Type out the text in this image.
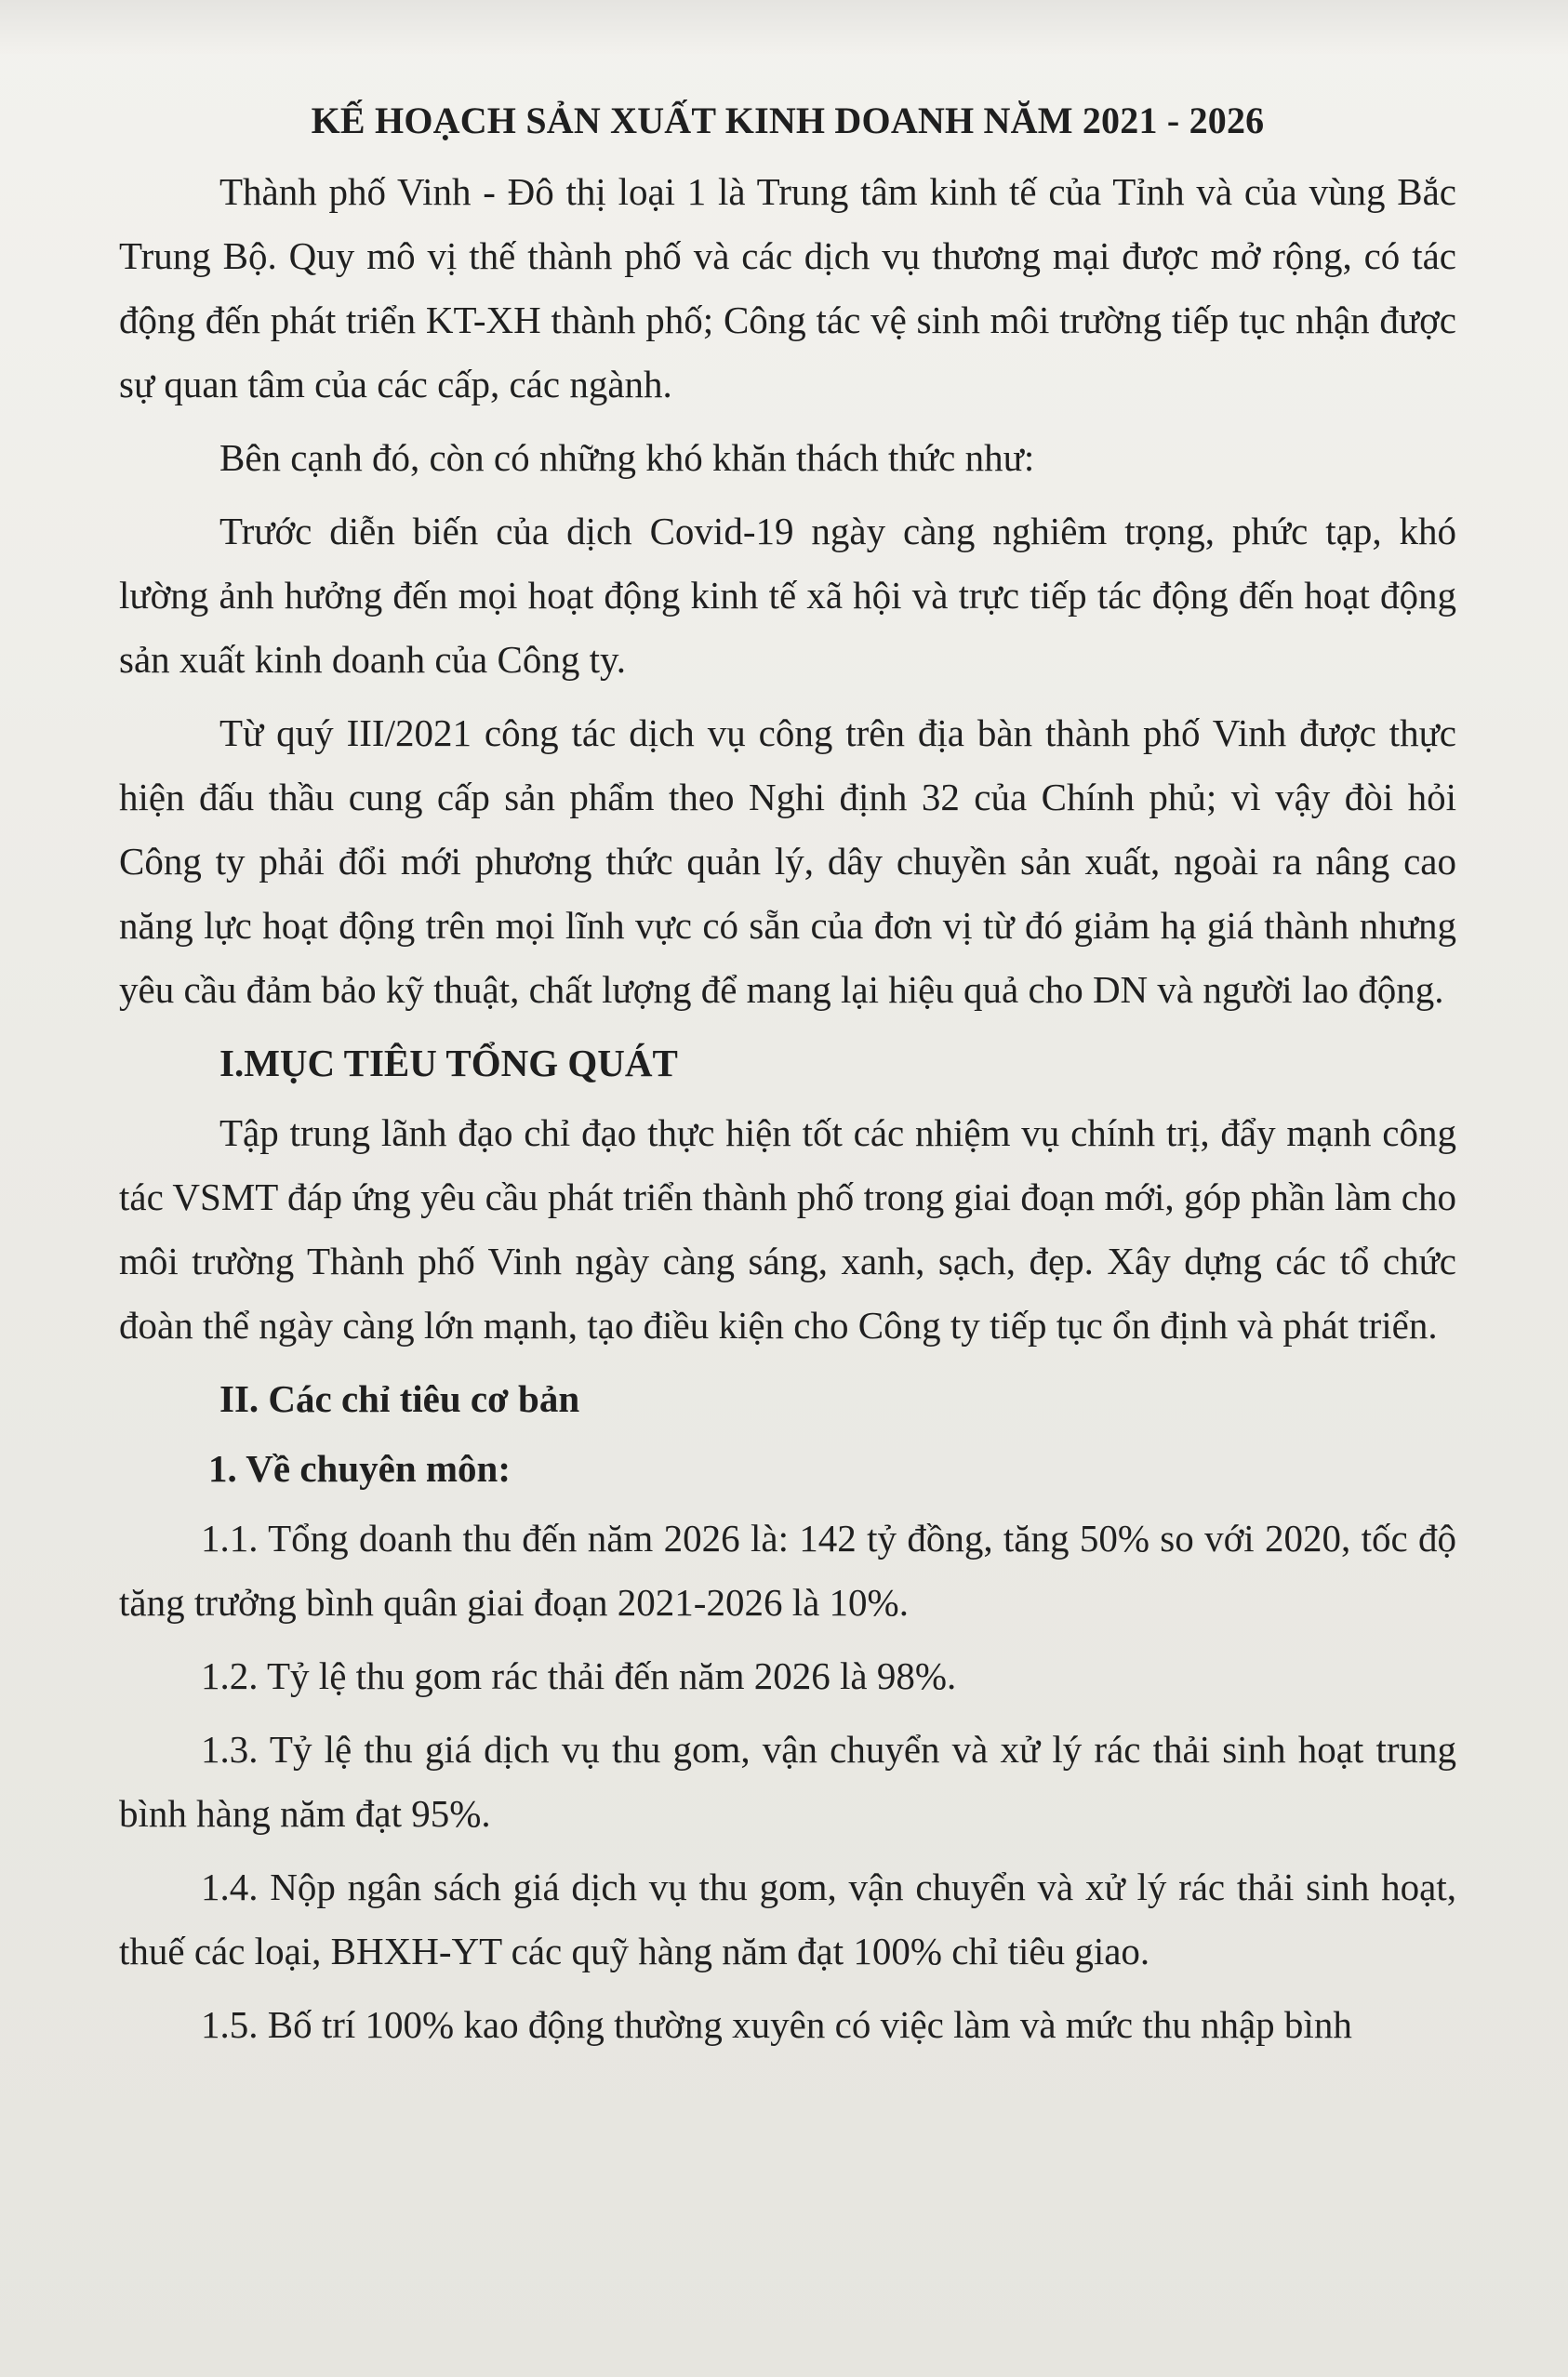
KẾ HOẠCH SẢN XUẤT KINH DOANH NĂM 2021 - 2026

Thành phố Vinh - Đô thị loại 1 là Trung tâm kinh tế của Tỉnh và của vùng Bắc Trung Bộ. Quy mô vị thế thành phố và các dịch vụ thương mại được mở rộng, có tác động đến phát triển KT-XH thành phố; Công tác vệ sinh môi trường tiếp tục nhận được sự quan tâm của các cấp, các ngành.

Bên cạnh đó, còn có những khó khăn thách thức như:

Trước diễn biến của dịch Covid-19 ngày càng nghiêm trọng, phức tạp, khó lường ảnh hưởng đến mọi hoạt động kinh tế xã hội và trực tiếp tác động đến hoạt động sản xuất kinh doanh của Công ty.

Từ quý III/2021 công tác dịch vụ công trên địa bàn thành phố Vinh được thực hiện đấu thầu cung cấp sản phẩm theo Nghi định 32 của Chính phủ; vì vậy đòi hỏi Công ty phải đổi mới phương thức quản lý, dây chuyền sản xuất, ngoài ra nâng cao năng lực hoạt động trên mọi lĩnh vực có sẵn của đơn vị từ đó giảm hạ giá thành nhưng yêu cầu đảm bảo kỹ thuật, chất lượng để mang lại hiệu quả cho DN và người lao động.

I.MỤC TIÊU TỔNG QUÁT

Tập trung lãnh đạo chỉ đạo thực hiện tốt các nhiệm vụ chính trị, đẩy mạnh công tác VSMT đáp ứng yêu cầu phát triển thành phố trong giai đoạn mới, góp phần làm cho môi trường Thành phố Vinh ngày càng sáng, xanh, sạch, đẹp. Xây dựng các tổ chức đoàn thể ngày càng lớn mạnh, tạo điều kiện cho Công ty tiếp tục ổn định và phát triển.

II. Các chỉ tiêu cơ bản
1. Về chuyên môn:

1.1. Tổng doanh thu đến năm 2026 là: 142 tỷ đồng, tăng 50% so với 2020, tốc độ tăng trưởng bình quân giai đoạn 2021-2026 là 10%.

1.2. Tỷ lệ thu gom rác thải đến năm 2026 là 98%.

1.3. Tỷ lệ thu giá dịch vụ thu gom, vận chuyển và xử lý rác thải sinh hoạt trung bình hàng năm đạt 95%.

1.4. Nộp ngân sách giá dịch vụ thu gom, vận chuyển và xử lý rác thải sinh hoạt, thuế các loại, BHXH-YT các quỹ hàng năm đạt 100% chỉ tiêu giao.

1.5. Bố trí 100% kao động thường xuyên có việc làm và mức thu nhập bình
